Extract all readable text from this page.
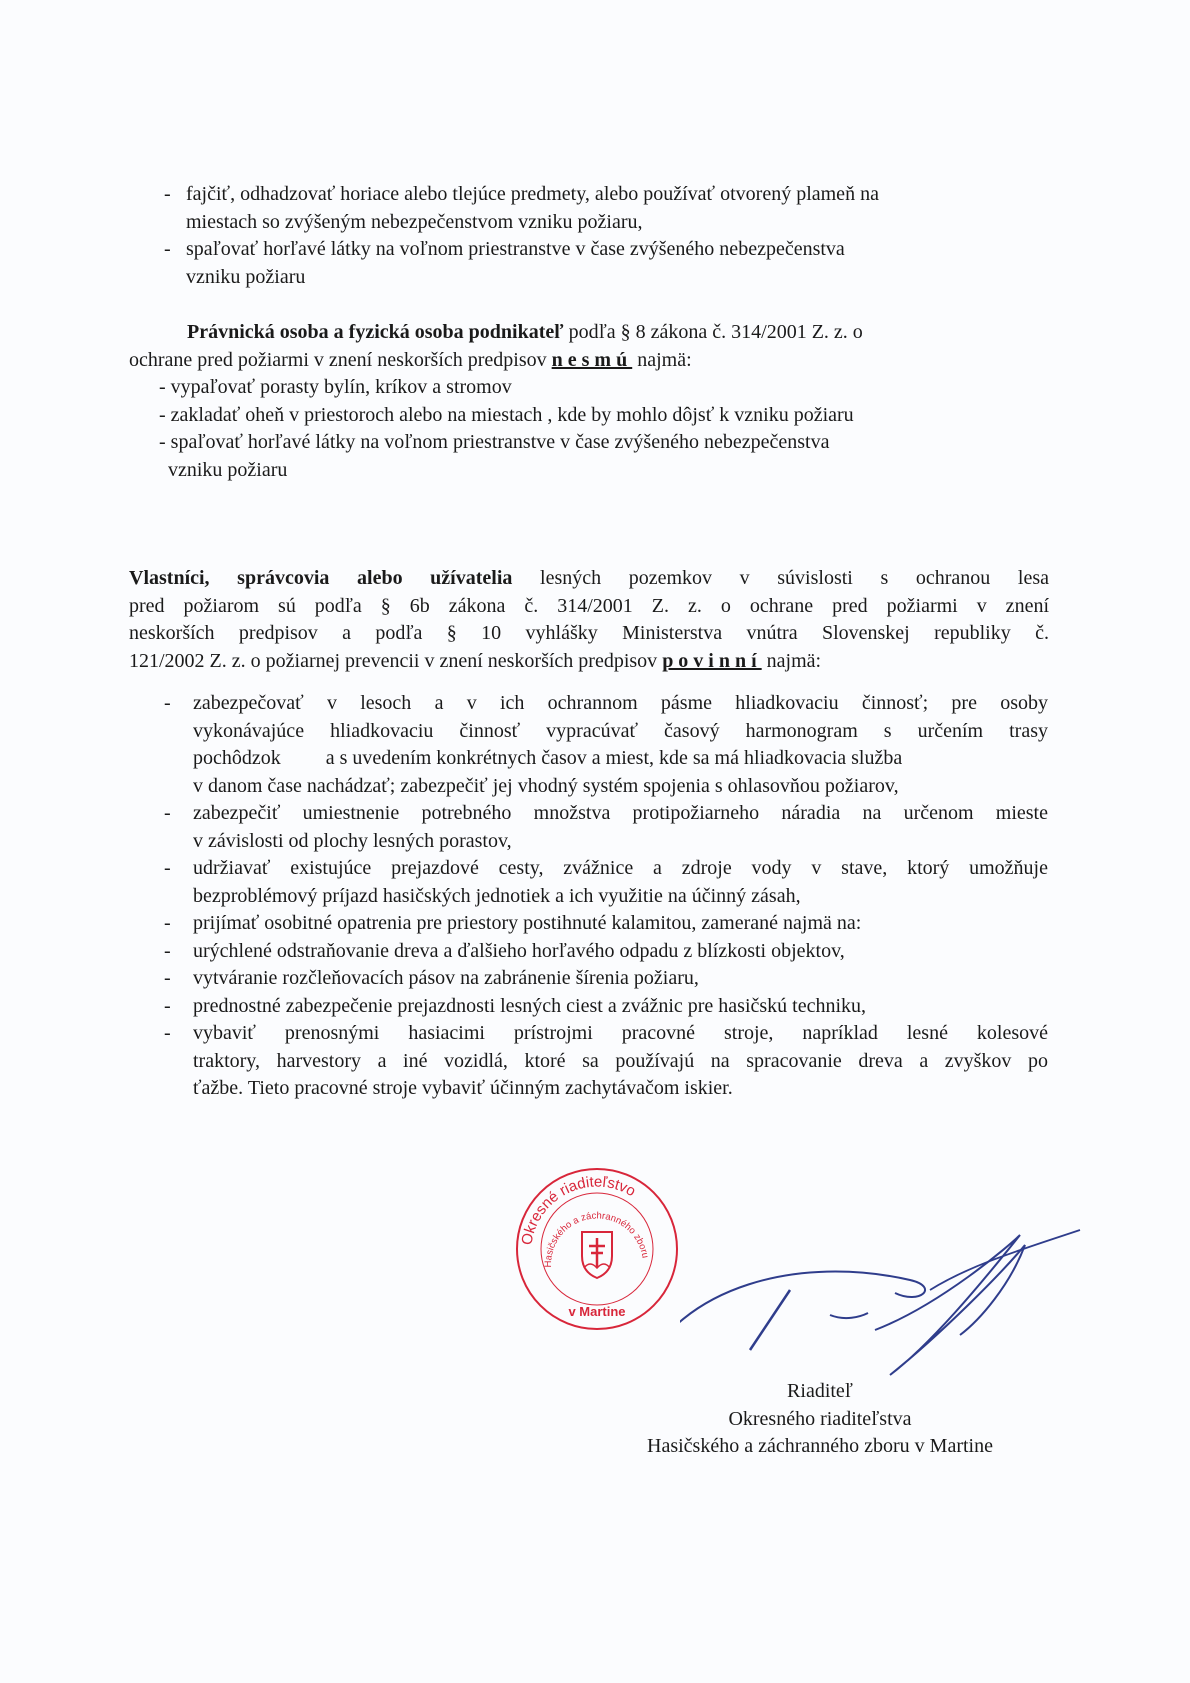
- fajčiť, odhadzovať horiace alebo tlejúce predmety, alebo používať otvorený plameň na
miestach so zvýšeným nebezpečenstvom vzniku požiaru,
- spaľovať horľavé látky na voľnom priestranstve v čase zvýšeného nebezpečenstva
vzniku požiaru
Právnická osoba a fyzická osoba podnikateľ podľa § 8 zákona č. 314/2001 Z. z. o
ochrane pred požiarmi v znení neskorších predpisov nesmú najmä:
- vypaľovať porasty bylín, kríkov a stromov
- zakladať oheň v priestoroch alebo na miestach , kde by mohlo dôjsť k vzniku požiaru
- spaľovať horľavé látky na voľnom priestranstve v čase zvýšeného nebezpečenstva
vzniku požiaru
Vlastníci, správcovia alebo užívatelia lesných pozemkov v súvislosti s ochranou lesa
pred požiarom sú podľa § 6b zákona č. 314/2001 Z. z. o ochrane pred požiarmi v znení
neskorších predpisov a podľa § 10 vyhlášky Ministerstva vnútra Slovenskej republiky č.
121/2002 Z. z. o požiarnej prevencii v znení neskorších predpisov povinní najmä:
- zabezpečovať v lesoch a v ich ochrannom pásme hliadkovaciu činnosť; pre osoby
vykonávajúce hliadkovaciu činnosť vypracúvať časový harmonogram s určením trasy
pochôdzok         a s uvedením konkrétnych časov a miest, kde sa má hliadkovacia služba
v danom čase nachádzať; zabezpečiť jej vhodný systém spojenia s ohlasovňou požiarov,
- zabezpečiť umiestnenie potrebného množstva protipožiarneho náradia na určenom mieste
v závislosti od plochy lesných porastov,
- udržiavať existujúce prejazdové cesty, zvážnice a zdroje vody v stave, ktorý umožňuje
bezproblémový príjazd hasičských jednotiek a ich využitie na účinný zásah,
- prijímať osobitné opatrenia pre priestory postihnuté kalamitou, zamerané najmä na:
- urýchlené odstraňovanie dreva a ďalšieho horľavého odpadu z blízkosti objektov,
- vytváranie rozčleňovacích pásov na zabránenie šírenia požiaru,
- prednostné zabezpečenie prejazdnosti lesných ciest a zvážnic pre hasičskú techniku,
- vybaviť prenosnými hasiacimi prístrojmi pracovné stroje, napríklad lesné kolesové
traktory, harvestory a iné vozidlá, ktoré sa používajú na spracovanie dreva a zvyškov po
ťažbe. Tieto pracovné stroje vybaviť účinným zachytávačom iskier.
Okresné riaditeľstvo
Hasičského a záchranného zboru
v Martine
Riaditeľ
Okresného riaditeľstva
Hasičského a záchranného zboru v Martine
